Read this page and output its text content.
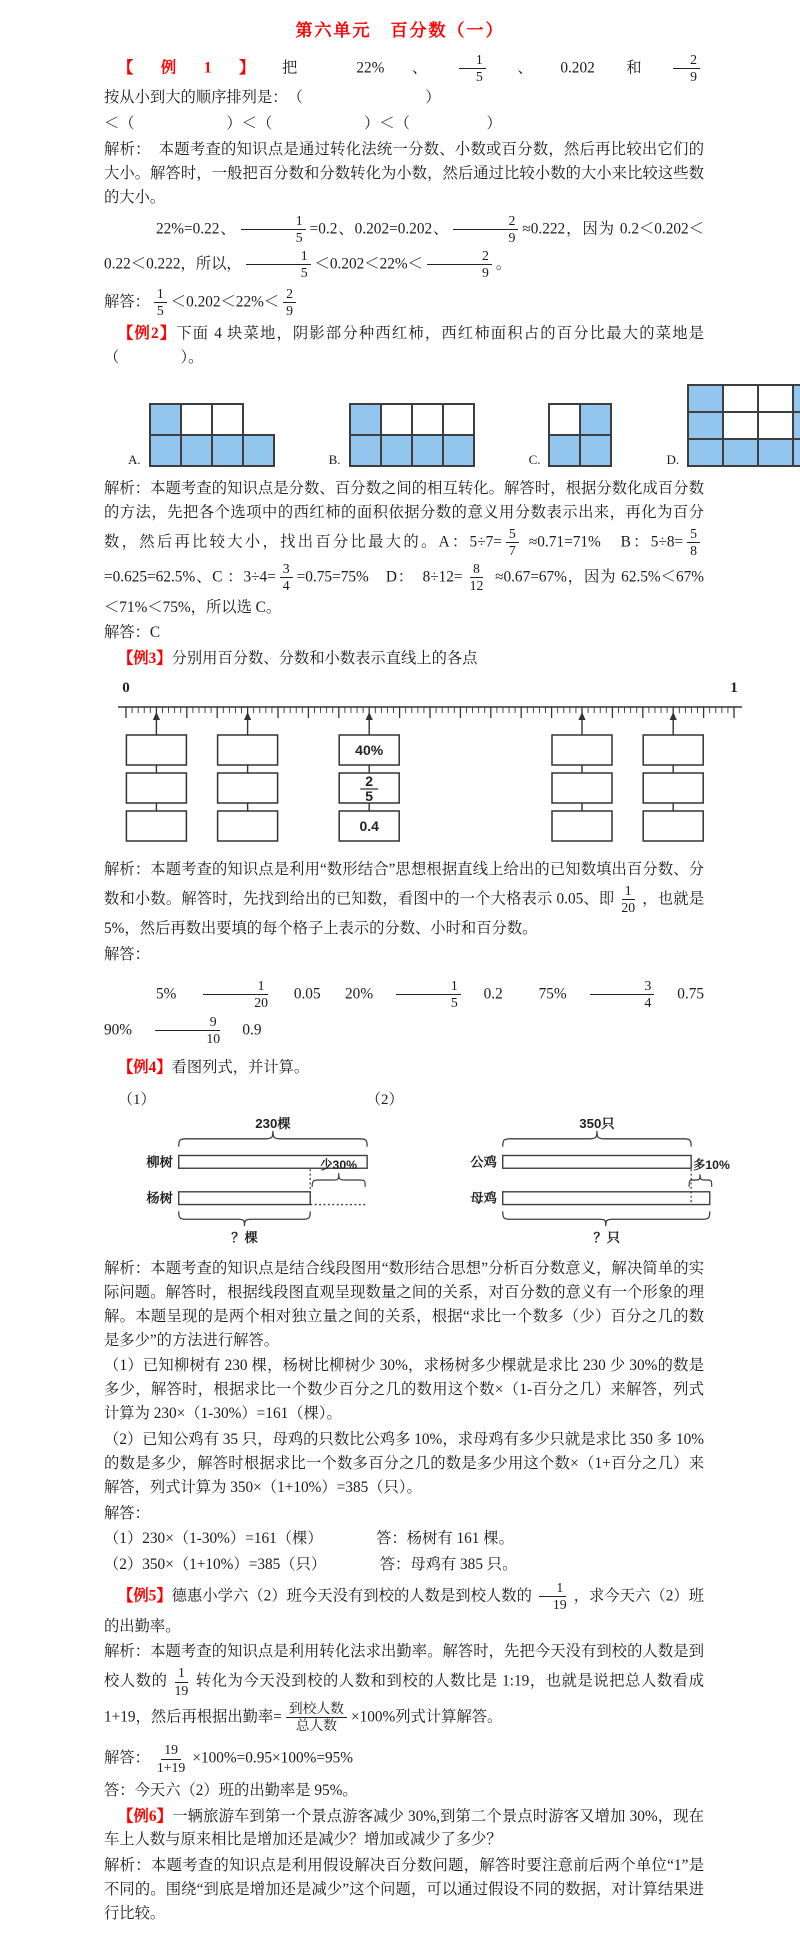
第六单元　百分数（一）

【例1】把 22%、 $\frac{1}{5}$ 、0.202 和 $\frac{2}{9}$
按从小到大的顺序排列是：　（　　　　　　　　）

＜（　　　　　　）＜（　　　　　　）＜（　　　　　）

解析：　本题考查的知识点是通过转化法统一分数、小数或百分数，然后再比较出它们的大小。解答时，一般把百分数和分数转化为小数，然后通过比较小数的大小来比较这些数的大小。

22%=0.22、 $\frac{1}{5} =0.2$、0.202=0.202、 $\frac{2}{9} \approx 0.222$，因为 0.2＜0.202＜0.22＜0.222，所以， $\frac{1}{5} <0.202<22\%< \frac{2}{9}$ 。

解答： $\frac{1}{5} <0.202<22\%< \frac{2}{9}$

【例2】下面 4 块菜地，阴影部分种西红柿，西红柿面积占的百分比最大的菜地是（　　　　）。

A.	B.	C.	D.

解析：本题考查的知识点是分数、百分数之间的相互转化。解答时，根据分数化成百分数的方法，先把各个选项中的西红柿的面积依据分数的意义用分数表示出来，再化为百分数，然后再比较大小，找出百分比最大的。A：$5\div 7= \frac{5}{7} \approx 0.71=71\%$　B：$5\div 8= \frac{5}{8}$
=0.625=62.5%、C ：$3\div 4= \frac{3}{4} =0.75=75\%$　D：　$8\div 12= \frac{8}{12} \approx 0.67=67\%$，因为 62.5%＜67%＜71%＜75%，所以选 C。

解答：C

【例3】分别用百分数、分数和小数表示直线上的各点

0	1
40%
2
5
0.4

解析：本题考查的知识点是利用“数形结合”思想根据直线上给出的已知数填出百分数、分数和小数。解答时，先找到给出的已知数，看图中的一个大格表示 0.05、即 $\frac{1}{20}$ ，也就是 5%，然后再数出要填的每个格子上表示的分数、小时和百分数。

解答：

5%　 $\frac{1}{20}$ 　0.05　 20%　 $\frac{1}{5}$ 　0.2　　75%　 $\frac{3}{4}$ 　0.75　90%　 $\frac{9}{10}$ 　0.9

【例4】看图列式，并计算。

（1）	（2）
230棵
柳树
杨树
少30%
？棵
350只
公鸡
母鸡
多10%
？只

解析：本题考查的知识点是结合线段图用“数形结合思想”分析百分数意义，解决简单的实际问题。解答时，根据线段图直观呈现数量之间的关系，对百分数的意义有一个形象的理解。本题呈现的是两个相对独立量之间的关系，根据“求比一个数多（少）百分之几的数是多少”的方法进行解答。

（1）已知柳树有 230 棵，杨树比柳树少 30%，求杨树多少棵就是求比 230 少 30%的数是多少，解答时，根据求比一个数少百分之几的数用这个数×（1-百分之几）来解答，列式计算为 230×（1-30%）=161（棵）。

（2）已知公鸡有 35 只，母鸡的只数比公鸡多 10%，求母鸡有多少只就是求比 350 多 10%的数是多少，解答时根据求比一个数多百分之几的数是多少用这个数×（1+百分之几）来解答，列式计算为 350×（1+10%）=385（只）。

解答：

（1）230×（1-30%）=161（棵）　　　　答：杨树有 161 棵。

（2）350×（1+10%）=385（只）　　　　答：母鸡有 385 只。

【例5】德惠小学六（2）班今天没有到校的人数是到校人数的 $\frac{1}{19}$ ，求今天六（2）班的出勤率。

解析：本题考查的知识点是利用转化法求出勤率。解答时，先把今天没有到校的人数是到校人数的 $\frac{1}{19}$ 转化为今天没到校的人数和到校的人数比是 1:19，也就是说把总人数看成 1+19，然后再根据出勤率= $\frac{\text{到校人数}}{\text{总人数}} \times 100\%$列式计算解答。

解答： $\frac{19}{1+19} \times 100\%=0.95\times 100\%=95\%$

答：今天六（2）班的出勤率是 95%。

【例6】一辆旅游车到第一个景点游客减少 30%,到第二个景点时游客又增加 30%，现在车上人数与原来相比是增加还是减少？增加或减少了多少？

解析：本题考查的知识点是利用假设解决百分数问题，解答时要注意前后两个单位“1”是不同的。围绕“到底是增加还是减少”这个问题，可以通过假设不同的数据，对计算结果进行比较。
